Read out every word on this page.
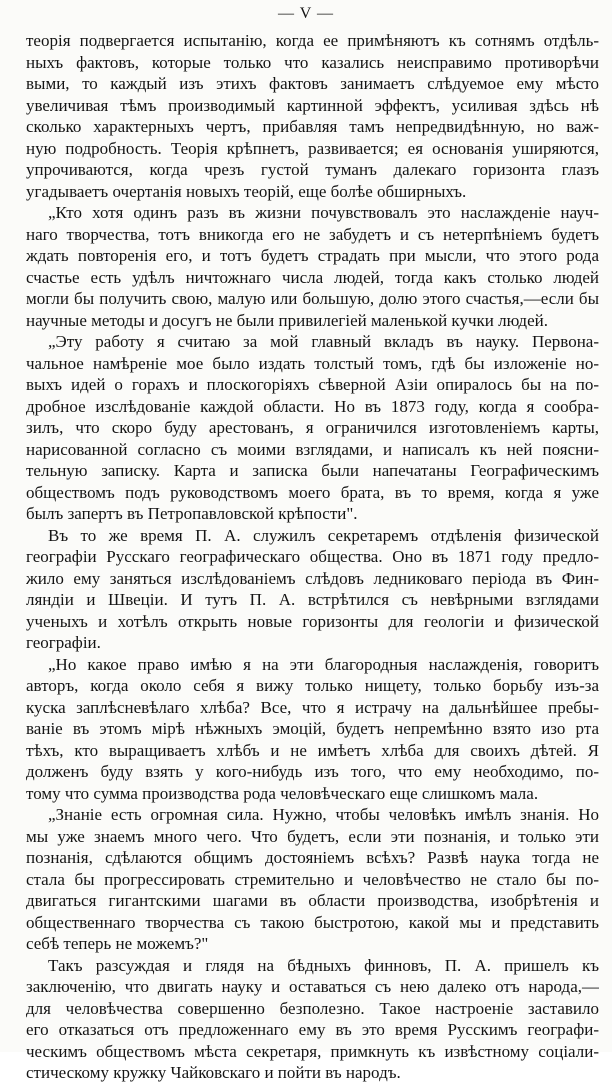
— V —
теорія подвергается испытанію, когда ее примѣняютъ къ сотнямъ отдѣль-
ныхъ фактовъ, которые только что казались неисправимо противорѣчи
выми, то каждый изъ этихъ фактовъ занимаетъ слѣдуемое ему мѣсто
увеличивая тѣмъ производимый картинной эффектъ, усиливая здѣсь нѣ
сколько характерныхъ чертъ, прибавляя тамъ непредвидѣнную, но важ-
ную подробность. Теорія крѣпнетъ, развивается; ея основанія уширяются,
упрочиваются, когда чрезъ густой туманъ далекаго горизонта глазъ
угадываетъ очертанія новыхъ теорій, еще болѣе обширныхъ.
„Кто хотя одинъ разъ въ жизни почувствовалъ это наслажденіе науч-
наго творчества, тотъ вникогда его не забудетъ и съ нетерпѣніемъ будетъ
ждать повторенія его, и тотъ будетъ страдать при мысли, что этого рода
счастье есть удѣлъ ничтожнаго числа людей, тогда какъ столько людей
могли бы получить свою, малую или большую, долю этого счастья,—если бы
научные методы и досугъ не были привилегіей маленькой кучки людей.
„Эту работу я считаю за мой главный вкладъ въ науку. Первона-
чальное намѣреніе мое было издать толстый томъ, гдѣ бы изложеніе но-
выхъ идей о горахъ и плоскогоріяхъ сѣверной Азіи опиралось бы на по-
дробное изслѣдованіе каждой области. Но въ 1873 году, когда я сообра-
зилъ, что скоро буду арестованъ, я ограничился изготовленіемъ карты,
нарисованной согласно съ моими взглядами, и написалъ къ ней поясни-
тельную записку. Карта и записка были напечатаны Географическимъ
обществомъ подъ руководствомъ моего брата, въ то время, когда я уже
былъ запертъ въ Петропавловской крѣпости".
Въ то же время П. А. служилъ секретаремъ отдѣленія физической
географіи Русскаго географическаго общества. Оно въ 1871 году предло-
жило ему заняться изслѣдованіемъ слѣдовъ ледниковаго періода въ Фин-
ляндіи и Швеціи. И тутъ П. А. встрѣтился съ невѣрными взглядами
ученыхъ и хотѣлъ открыть новые горизонты для геологіи и физической
географіи.
„Но какое право имѣю я на эти благородныя наслажденія, говоритъ
авторъ, когда около себя я вижу только нищету, только борьбу изъ-за
куска заплѣсневѣлаго хлѣба? Все, что я истрачу на дальнѣйшее пребы-
ваніе въ этомъ мірѣ нѣжныхъ эмоцій, будетъ непремѣнно взято изо рта
тѣхъ, кто выращиваетъ хлѣбъ и не имѣетъ хлѣба для своихъ дѣтей. Я
долженъ буду взять у кого-нибудь изъ того, что ему необходимо, по-
тому что сумма производства рода человѣческаго еще слишкомъ мала.
„Знаніе есть огромная сила. Нужно, чтобы человѣкъ имѣлъ знанія. Но
мы уже знаемъ много чего. Что будетъ, если эти познанія, и только эти
познанія, сдѣлаются общимъ достояніемъ всѣхъ? Развѣ наука тогда не
стала бы прогрессировать стремительно и человѣчество не стало бы по-
двигаться гигантскими шагами въ области производства, изобрѣтенія и
общественнаго творчества съ такою быстротою, какой мы и представить
себѣ теперь не можемъ?"
Такъ разсуждая и глядя на бѣдныхъ финновъ, П. А. пришелъ къ
заключенію, что двигать науку и оставаться съ нею далеко отъ народа,—
для человѣчества совершенно безполезно. Такое настроеніе заставило
его отказаться отъ предложеннаго ему въ это время Русскимъ географи-
ческимъ обществомъ мѣста секретаря, примкнуть къ извѣстному соціали-
стическому кружку Чайковскаго и пойти въ народъ.
